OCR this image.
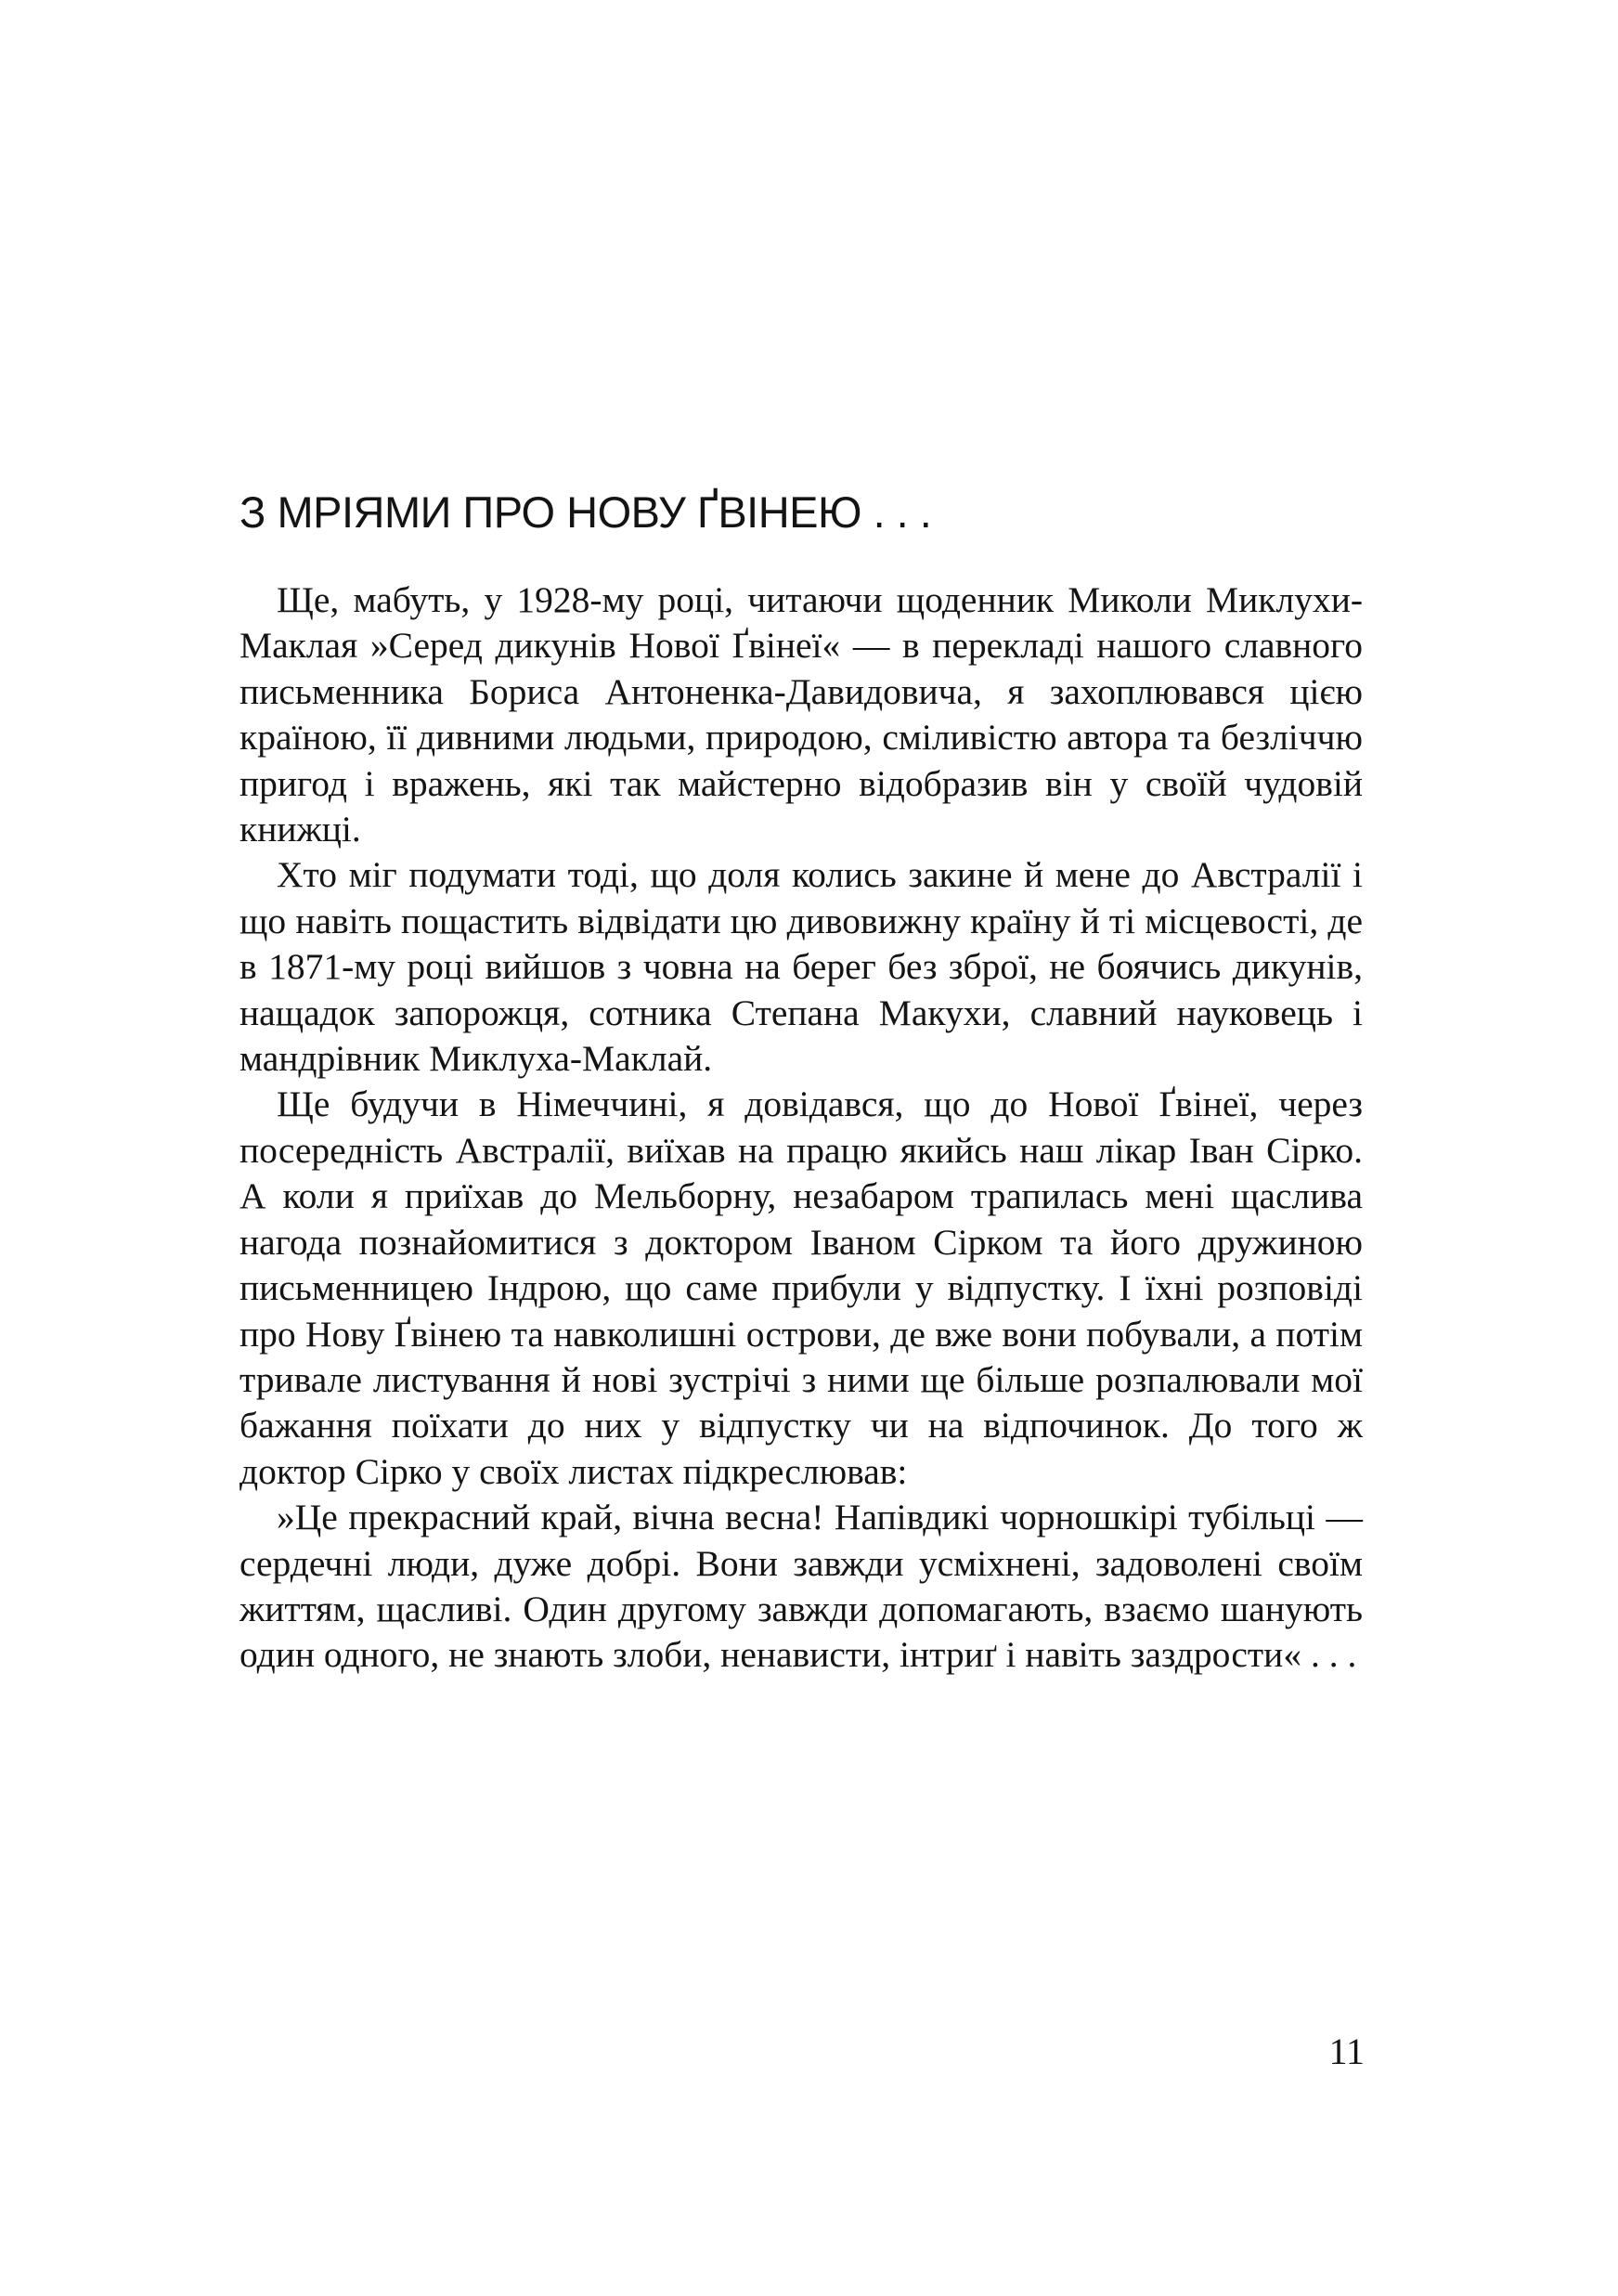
З МРІЯМИ ПРО НОВУ ҐВІНЕЮ . . .

Ще, мабуть, у 1928-му році, читаючи щоденник Миколи Миклухи-Маклая »Серед дикунів Нової Ґвінеї« — в перекладі нашого славного письменника Бориса Антоненка-Давидовича, я захоплювався цією країною, її дивними людьми, природою, сміливістю автора та безліччю пригод і вражень, які так майстерно відобразив він у своїй чудовій книжці.

Хто міг подумати тоді, що доля колись закине й мене до Австралії і що навіть пощастить відвідати цю дивовижну країну й ті місцевості, де в 1871-му році вийшов з човна на берег без зброї, не боячись дикунів, нащадок запорожця, сотника Степана Макухи, славний науковець і мандрівник Миклуха-Маклай.

Ще будучи в Німеччині, я довідався, що до Нової Ґвінеї, через посередність Австралії, виїхав на працю якийсь наш лікар Іван Сірко. А коли я приїхав до Мельборну, незабаром трапилась мені щаслива нагода познайомитися з доктором Іваном Сірком та його дружиною письменницею Індрою, що саме прибули у відпустку. І їхні розповіді про Нову Ґвінею та навколишні острови, де вже вони побували, а потім тривале листування й нові зустрічі з ними ще більше розпалювали мої бажання поїхати до них у відпустку чи на відпочинок. До того ж доктор Сірко у своїх листах підкреслював:

»Це прекрасний край, вічна весна! Напівдикі чорношкірі тубільці — сердечні люди, дуже добрі. Вони завжди усміхнені, задоволені своїм життям, щасливі. Один другому завжди допомагають, взаємо шанують один одного, не знають злоби, ненависти, інтриґ і навіть заздрости« . . .

11
